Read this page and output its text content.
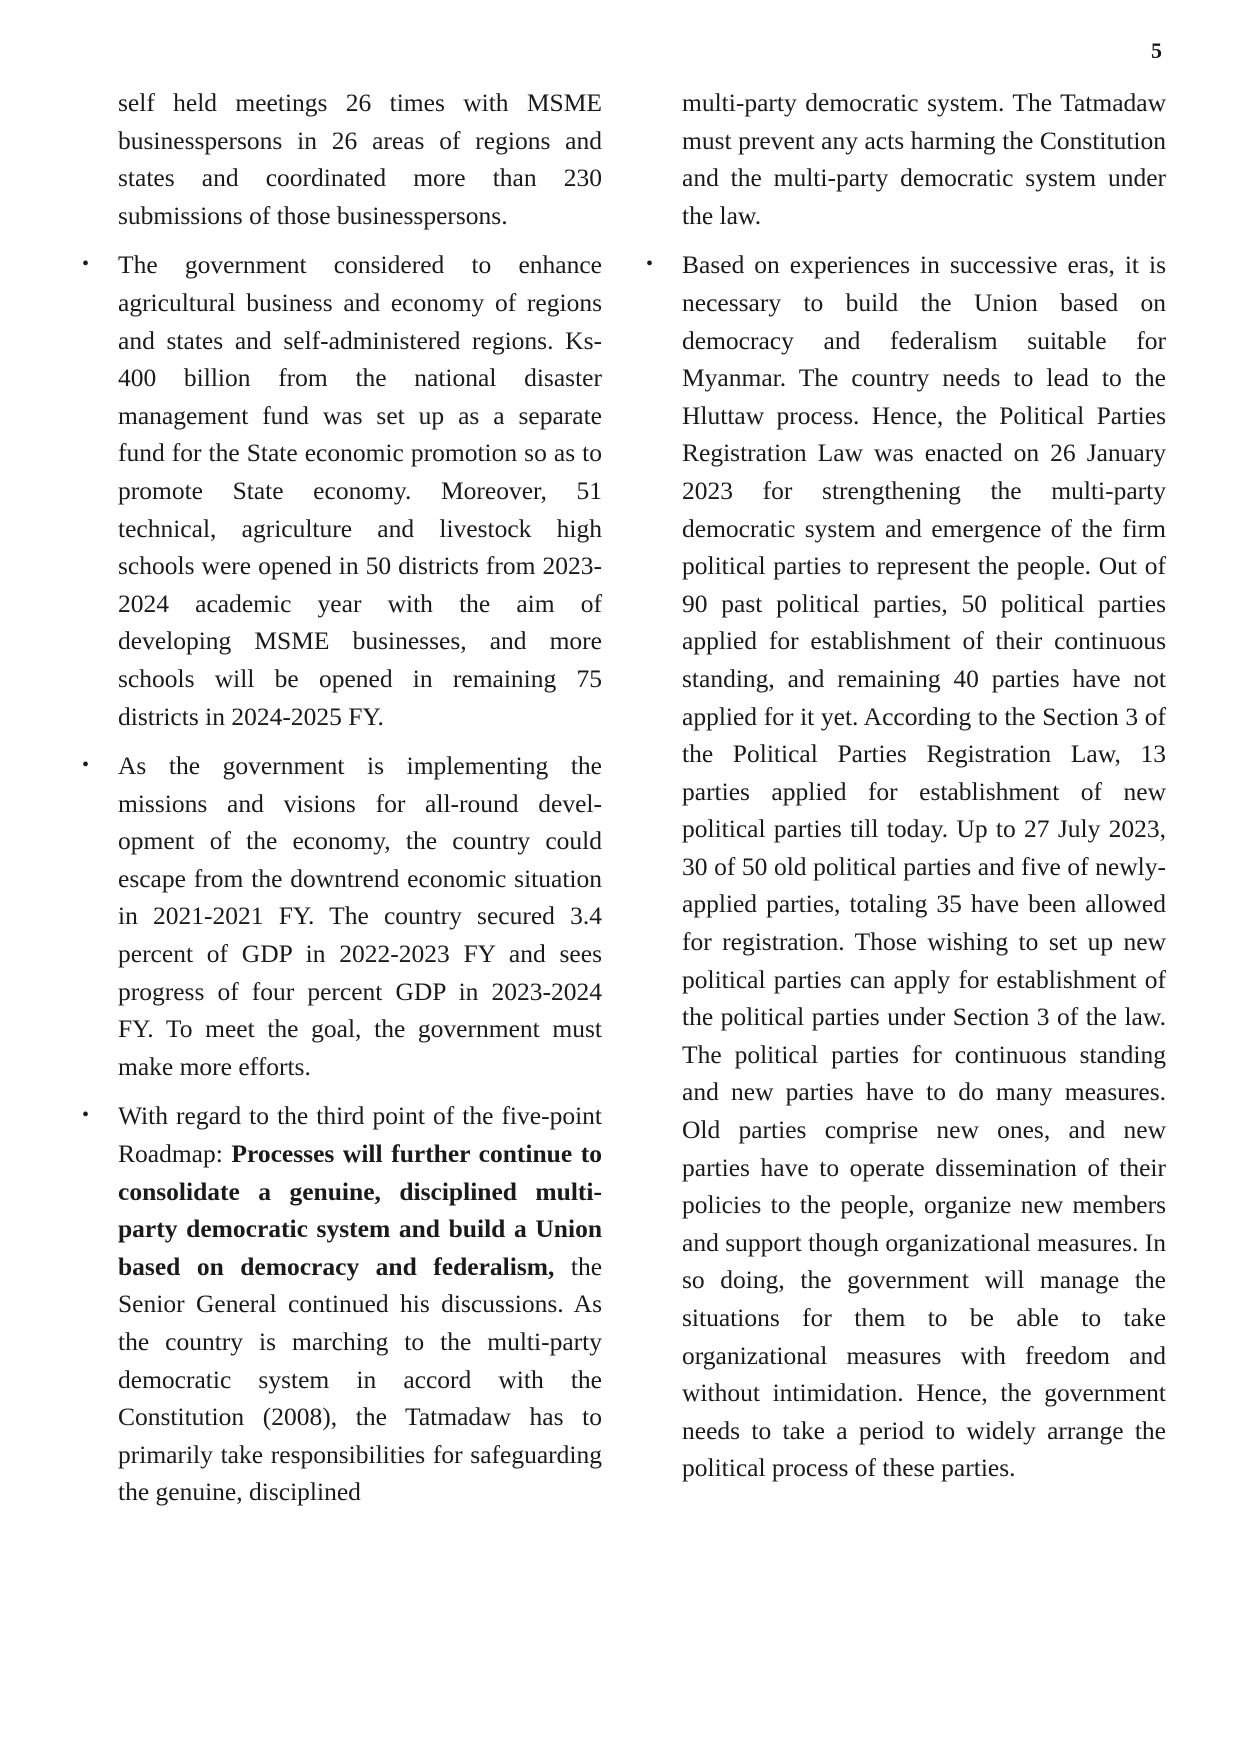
5

self held meetings 26 times with MSME businesspersons in 26 areas of regions and states and coordinated more than 230 submissions of those businesspersons.

• The government considered to enhance agricultural business and economy of regions and states and self-administered regions. Ks-400 billion from the national disaster management fund was set up as a separate fund for the State economic promotion so as to promote State economy. Moreover, 51 technical, agriculture and livestock high schools were opened in 50 districts from 2023-2024 academic year with the aim of developing MSME businesses, and more schools will be opened in remaining 75 districts in 2024-2025 FY.
• As the government is implementing the missions and visions for all-round development of the economy, the country could escape from the downtrend economic situation in 2021-2021 FY. The country secured 3.4 percent of GDP in 2022-2023 FY and sees progress of four percent GDP in 2023-2024 FY. To meet the goal, the government must make more efforts.
• With regard to the third point of the five-point Roadmap: Processes will further continue to consolidate a genuine, disciplined multi-party democratic system and build a Union based on democracy and federalism, the Senior General continued his discussions. As the country is marching to the multi-party democratic system in accord with the Constitution (2008), the Tatmadaw has to primarily take responsibilities for safeguarding the genuine, disciplined

multi-party democratic system. The Tatmadaw must prevent any acts harming the Constitution and the multi-party democratic system under the law.

• Based on experiences in successive eras, it is necessary to build the Union based on democracy and federalism suitable for Myanmar. The country needs to lead to the Hluttaw process. Hence, the Political Parties Registration Law was enacted on 26 January 2023 for strengthening the multi-party democratic system and emergence of the firm political parties to represent the people. Out of 90 past political parties, 50 political parties applied for establishment of their continuous standing, and remaining 40 parties have not applied for it yet. According to the Section 3 of the Political Parties Registration Law, 13 parties applied for establishment of new political parties till today. Up to 27 July 2023, 30 of 50 old political parties and five of newly-applied parties, totaling 35 have been allowed for registration. Those wishing to set up new political parties can apply for establishment of the political parties under Section 3 of the law. The political parties for continuous standing and new parties have to do many measures. Old parties comprise new ones, and new parties have to operate dissemination of their policies to the people, organize new members and support though organizational measures. In so doing, the government will manage the situations for them to be able to take organizational measures with freedom and without intimidation. Hence, the government needs to take a period to widely arrange the political process of these parties.
